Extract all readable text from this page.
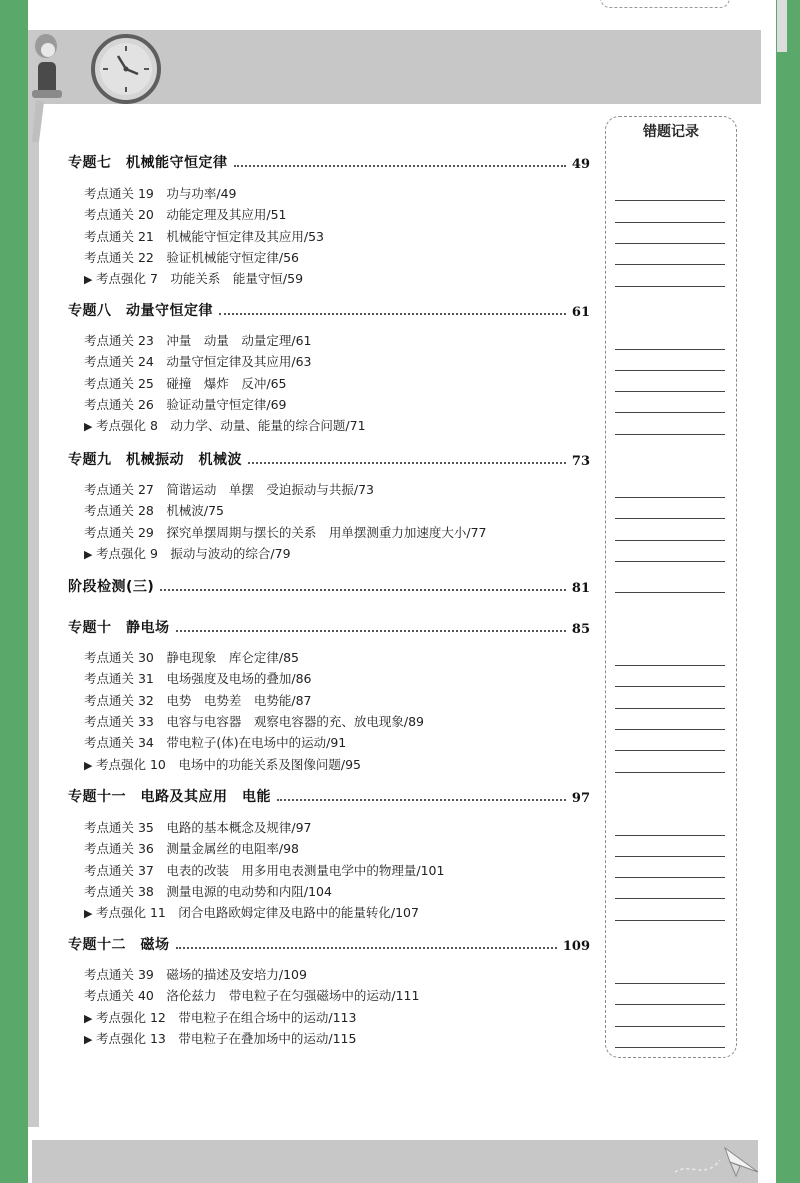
错题记录
专题七　机械能守恒定律	49
考点通关 19　功与功率/49
考点通关 20　动能定理及其应用/51
考点通关 21　机械能守恒定律及其应用/53
考点通关 22　验证机械能守恒定律/56
▶ 考点强化 7　功能关系　能量守恒/59
专题八　动量守恒定律	61
考点通关 23　冲量　动量　动量定理/61
考点通关 24　动量守恒定律及其应用/63
考点通关 25　碰撞　爆炸　反冲/65
考点通关 26　验证动量守恒定律/69
▶ 考点强化 8　动力学、动量、能量的综合问题/71
专题九　机械振动　机械波	73
考点通关 27　简谐运动　单摆　受迫振动与共振/73
考点通关 28　机械波/75
考点通关 29　探究单摆周期与摆长的关系　用单摆测重力加速度大小/77
▶ 考点强化 9　振动与波动的综合/79
阶段检测(三)	81
专题十　静电场	85
考点通关 30　静电现象　库仑定律/85
考点通关 31　电场强度及电场的叠加/86
考点通关 32　电势　电势差　电势能/87
考点通关 33　电容与电容器　观察电容器的充、放电现象/89
考点通关 34　带电粒子(体)在电场中的运动/91
▶ 考点强化 10　电场中的功能关系及图像问题/95
专题十一　电路及其应用　电能	97
考点通关 35　电路的基本概念及规律/97
考点通关 36　测量金属丝的电阻率/98
考点通关 37　电表的改装　用多用电表测量电学中的物理量/101
考点通关 38　测量电源的电动势和内阻/104
▶ 考点强化 11　闭合电路欧姆定律及电路中的能量转化/107
专题十二　磁场	109
考点通关 39　磁场的描述及安培力/109
考点通关 40　洛伦兹力　带电粒子在匀强磁场中的运动/111
▶ 考点强化 12　带电粒子在组合场中的运动/113
▶ 考点强化 13　带电粒子在叠加场中的运动/115
